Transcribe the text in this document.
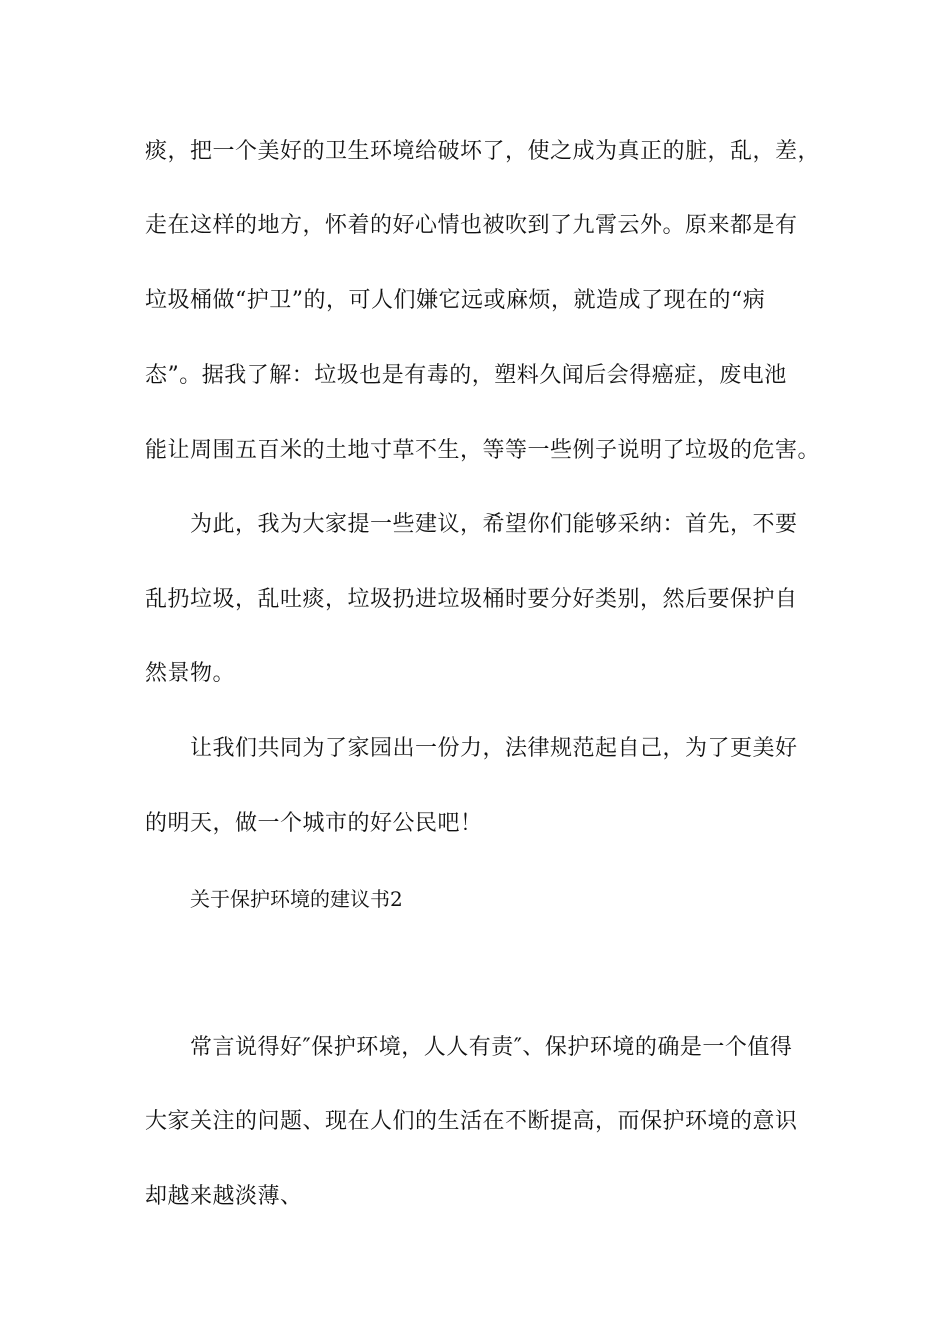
痰，把一个美好的卫生环境给破坏了，使之成为真正的脏，乱，差，
走在这样的地方，怀着的好心情也被吹到了九霄云外。原来都是有
垃圾桶做“护卫”的，可人们嫌它远或麻烦，就造成了现在的“病
态”。据我了解：垃圾也是有毒的，塑料久闻后会得癌症，废电池
能让周围五百米的土地寸草不生，等等一些例子说明了垃圾的危害。
为此，我为大家提一些建议，希望你们能够采纳：首先，不要
乱扔垃圾，乱吐痰，垃圾扔进垃圾桶时要分好类别，然后要保护自
然景物。
让我们共同为了家园出一份力，法律规范起自己，为了更美好
的明天，做一个城市的好公民吧！
关于保护环境的建议书2
常言说得好″保护环境，人人有责″、保护环境的确是一个值得
大家关注的问题、现在人们的生活在不断提高，而保护环境的意识
却越来越淡薄、
